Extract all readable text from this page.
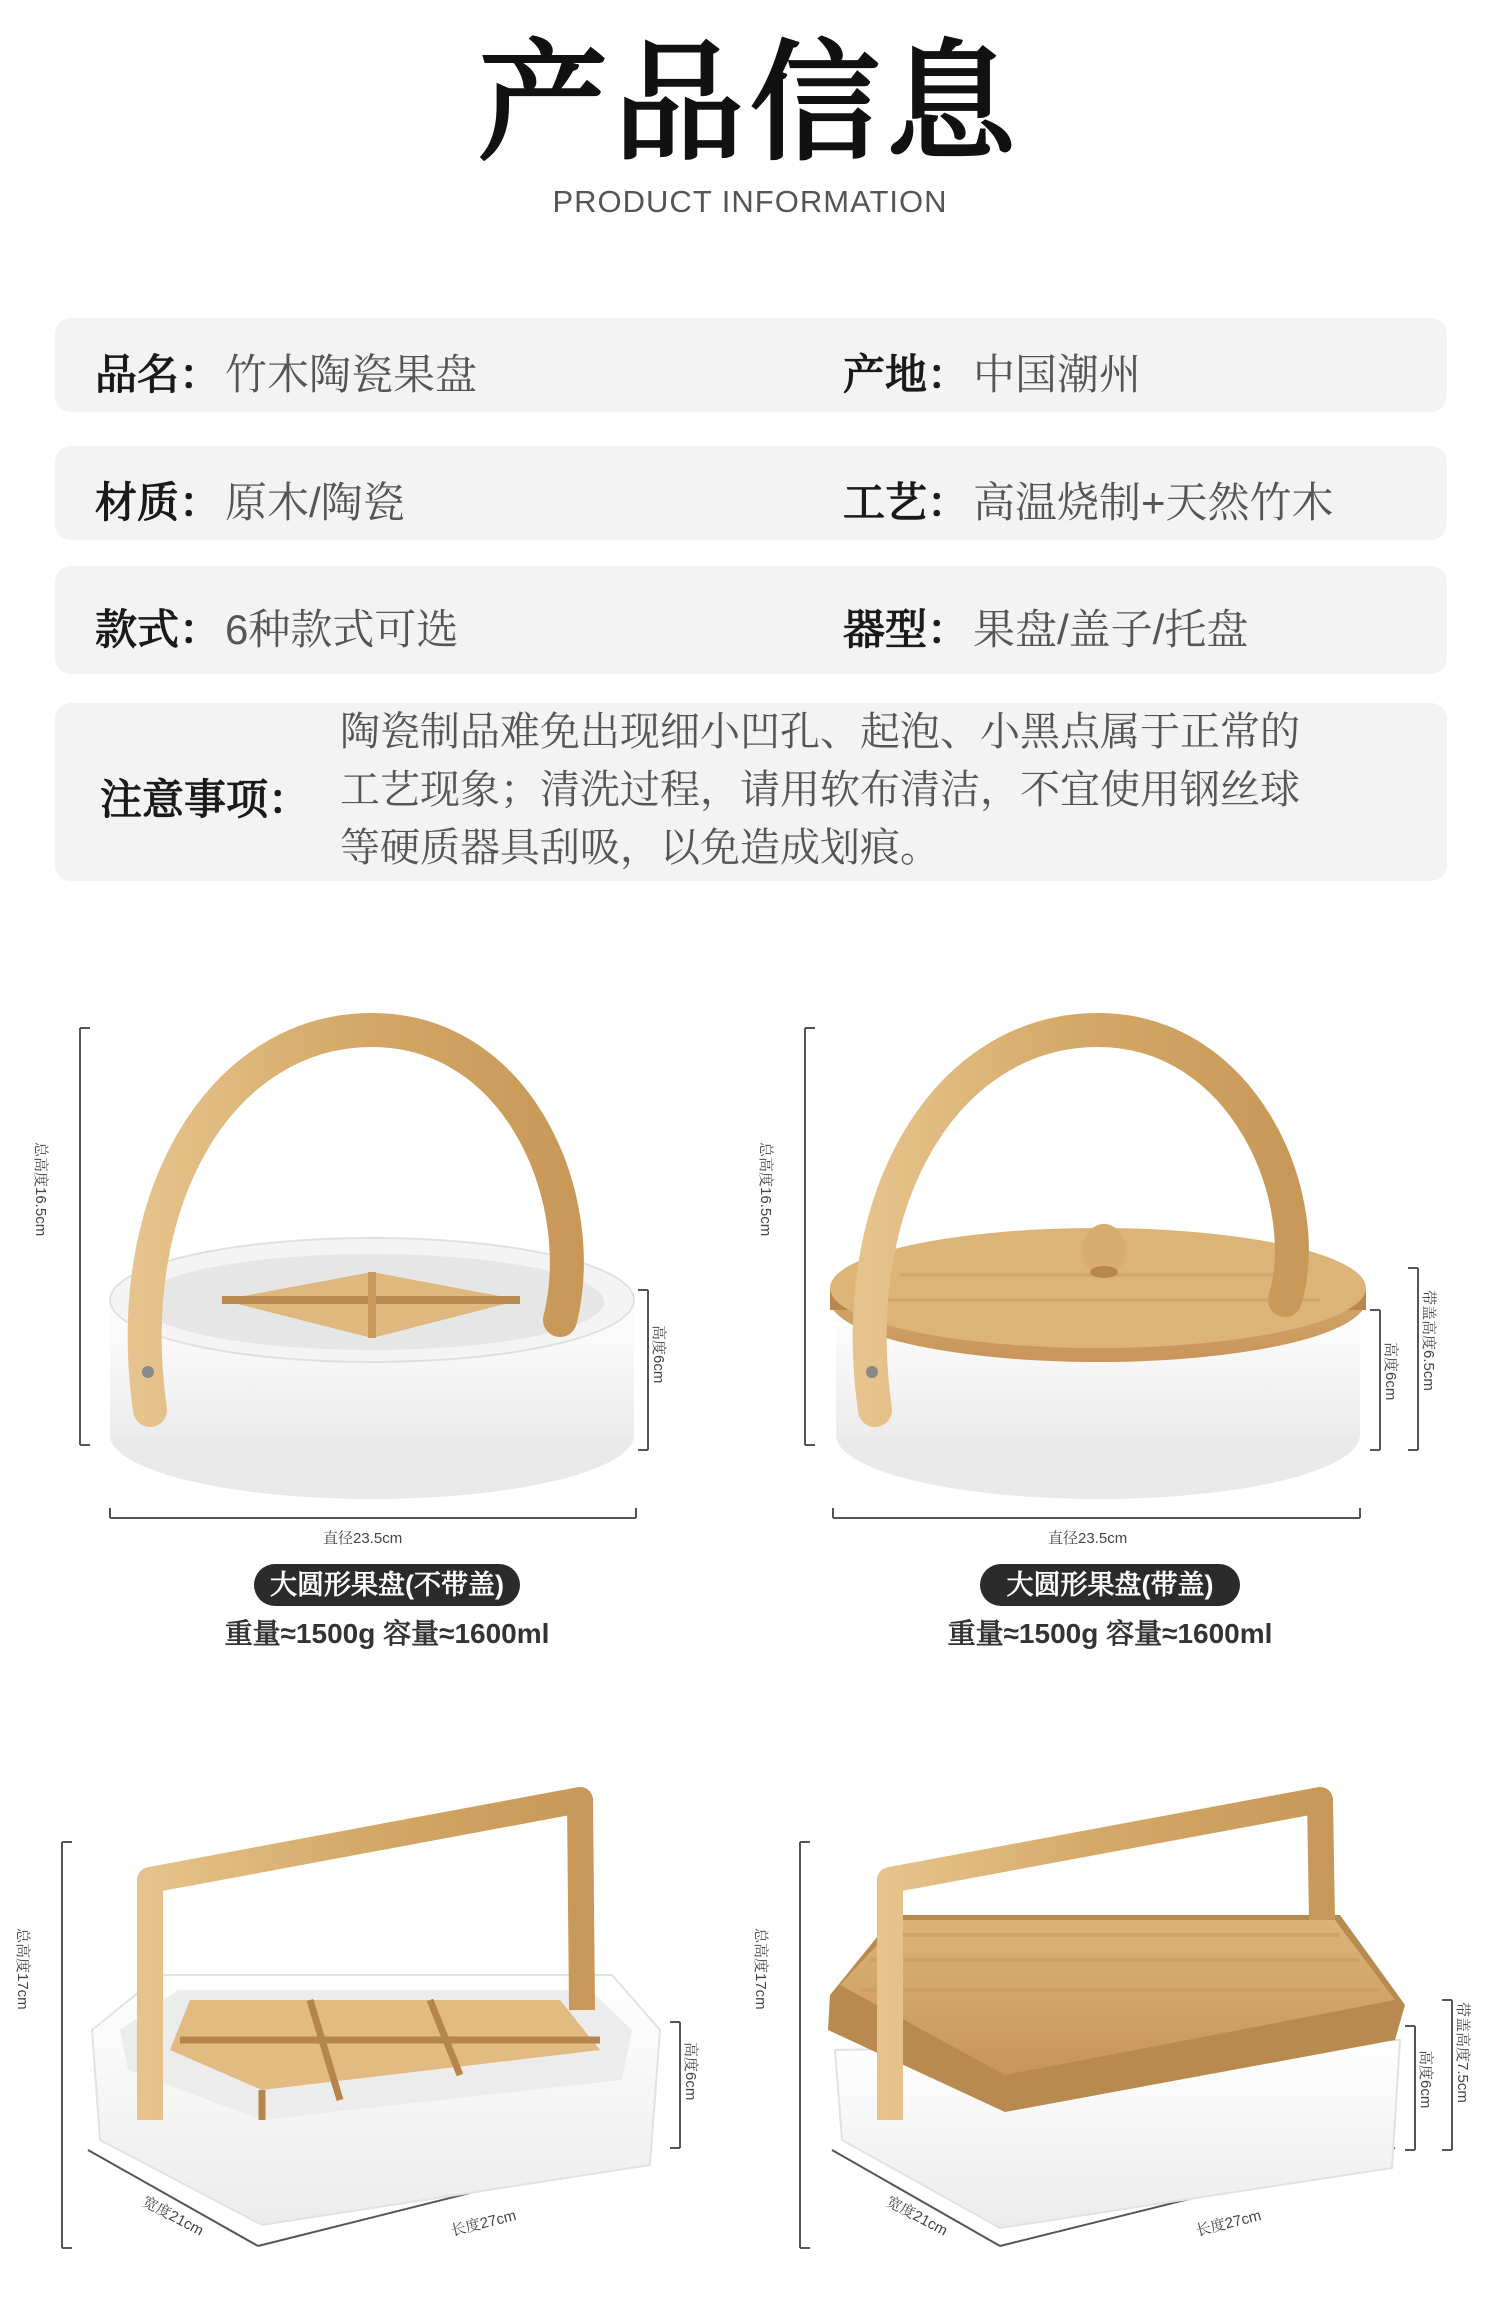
产品信息
PRODUCT INFORMATION
品名： 竹木陶瓷果盘	产地： 中国潮州
材质： 原木/陶瓷	工艺： 高温烧制+天然竹木
款式： 6种款式可选	器型： 果盘/盖子/托盘
注意事项：
陶瓷制品难免出现细小凹孔、起泡、小黑点属于正常的
工艺现象；清洗过程，请用软布清洁，不宜使用钢丝球
等硬质器具刮吸，以免造成划痕。
总高度16.5cm
高度6cm
直径23.5cm
大圆形果盘(不带盖)
重量≈1500g 容量≈1600ml
总高度16.5cm
高度6cm 带盖高度6.5cm
直径23.5cm
大圆形果盘(带盖)
重量≈1500g 容量≈1600ml
总高度17cm
高度6cm
宽度21cm	长度27cm
总高度17cm
高度6cm 带盖高度7.5cm
宽度21cm	长度27cm
